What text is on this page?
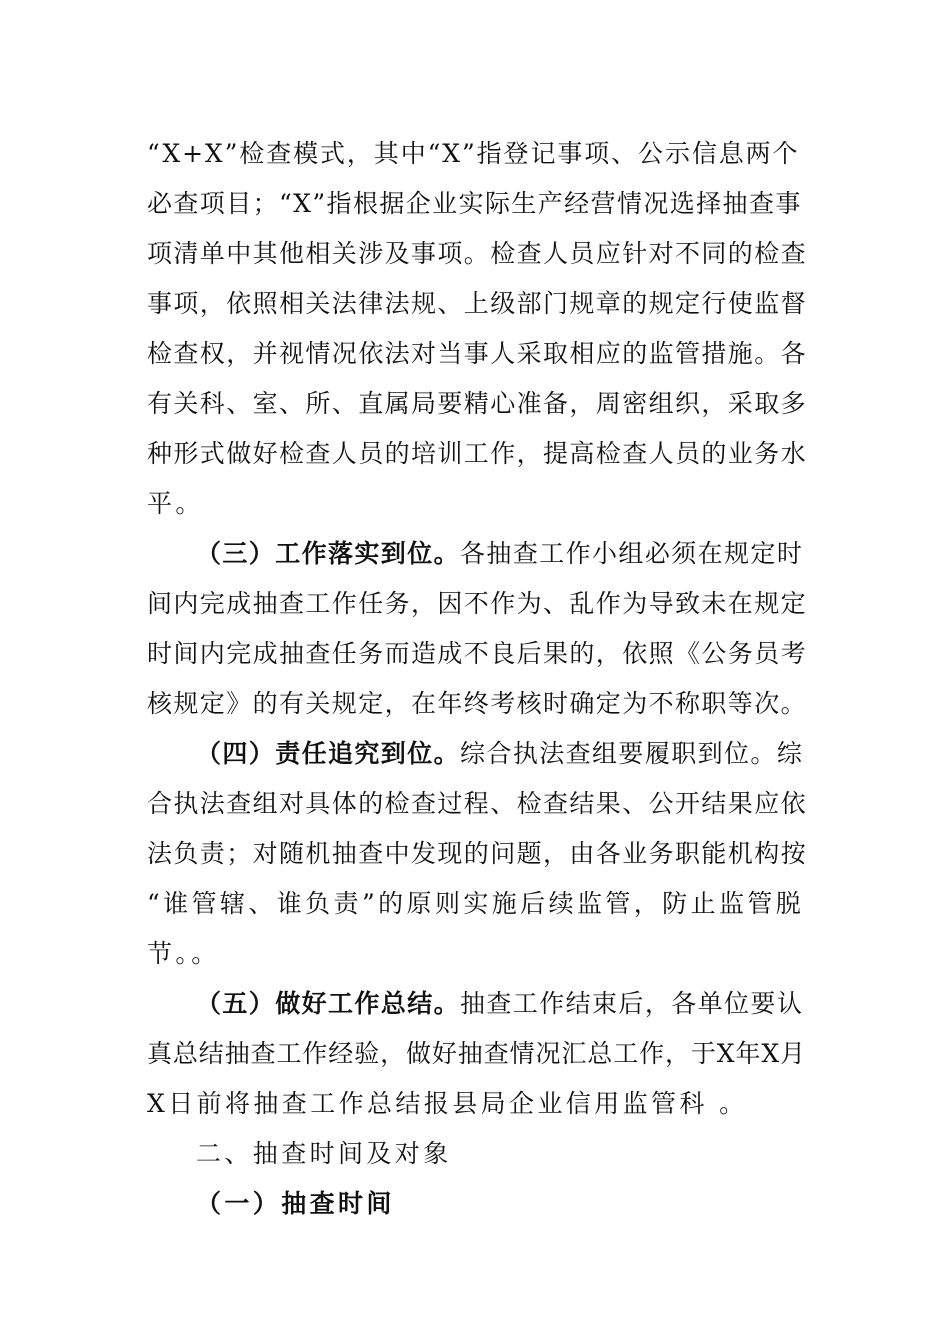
“X+X”检查模式，其中“X”指登记事项、公示信息两个
必查项目；“X”指根据企业实际生产经营情况选择抽查事
项清单中其他相关涉及事项。检查人员应针对不同的检查
事项，依照相关法律法规、上级部门规章的规定行使监督
检查权，并视情况依法对当事人采取相应的监管措施。各
有关科、室、所、直属局要精心准备，周密组织，采取多
种形式做好检查人员的培训工作，提高检查人员的业务水
平。
（三）工作落实到位。各抽查工作小组必须在规定时
间内完成抽查工作任务，因不作为、乱作为导致未在规定
时间内完成抽查任务而造成不良后果的，依照《公务员考
核规定》的有关规定，在年终考核时确定为不称职等次。
（四）责任追究到位。综合执法查组要履职到位。综
合执法查组对具体的检查过程、检查结果、公开结果应依
法负责；对随机抽查中发现的问题，由各业务职能机构按
“谁管辖、谁负责”的原则实施后续监管，防止监管脱
节。。
（五）做好工作总结。抽查工作结束后，各单位要认
真总结抽查工作经验，做好抽查情况汇总工作，于X年X月
X日前将抽查工作总结报县局企业信用监管科 。
二、抽查时间及对象
（一）抽查时间
